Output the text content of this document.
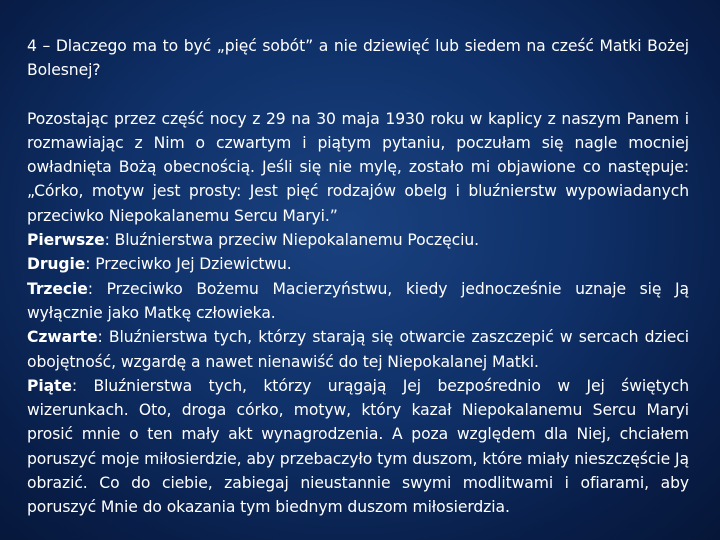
4 – Dlaczego ma to być „pięć sobót” a nie dziewięć lub siedem na cześć Matki Bożej Bolesnej?

Pozostając przez część nocy z 29 na 30 maja 1930 roku w kaplicy z naszym Panem i rozmawiając z Nim o czwartym i piątym pytaniu, poczułam się nagle mocniej owładnięta Bożą obecnością. Jeśli się nie mylę, zostało mi objawione co następuje: „Córko, motyw jest prosty: Jest pięć rodzajów obelg i bluźnierstw wypowiadanych przeciwko Niepokalanemu Sercu Maryi.”

Pierwsze: Bluźnierstwa przeciw Niepokalanemu Poczęciu.

Drugie: Przeciwko Jej Dziewictwu.

Trzecie: Przeciwko Bożemu Macierzyństwu, kiedy jednocześnie uznaje się Ją wyłącznie jako Matkę człowieka.

Czwarte: Bluźnierstwa tych, którzy starają się otwarcie zaszczepić w sercach dzieci obojętność, wzgardę a nawet nienawiść do tej Niepokalanej Matki.

Piąte: Bluźnierstwa tych, którzy urągają Jej bezpośrednio w Jej świętych wizerunkach. Oto, droga córko, motyw, który kazał Niepokalanemu Sercu Maryi prosić mnie o ten mały akt wynagrodzenia. A poza względem dla Niej, chciałem poruszyć moje miłosierdzie, aby przebaczyło tym duszom, które miały nieszczęście Ją obrazić. Co do ciebie, zabiegaj nieustannie swymi modlitwami i ofiarami, aby poruszyć Mnie do okazania tym biednym duszom miłosierdzia.
